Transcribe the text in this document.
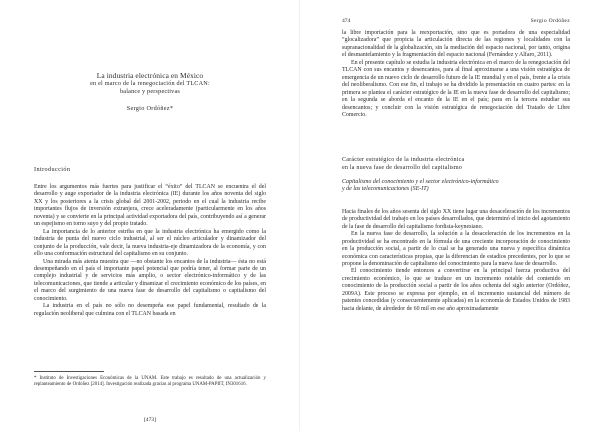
La industria electrónica en México

en el marco de la renegociación del TLCAN:

balance y perspectivas

Sergio Ordóñez*

Introducción

Entre los argumentos más fuertes para justificar el “éxito” del TLCAN se encuentra el del desarrollo y auge exportador de la industria electrónica (IE) durante los años noventa del siglo XX y los posteriores a la crisis global del 2001-2002, periodo en el cual la industria recibe importantes flujos de inversión extranjera, crece aceleradamente (particularmente en los años noventa) y se convierte en la principal actividad exportadora del país, contribuyendo así a generar un espejismo en torno suyo y del propio tratado.

La importancia de lo anterior estriba en que la industria electrónica ha emergido como la industria de punta del nuevo ciclo industrial, al ser el núcleo articulador y dinamizador del conjunto de la producción, vale decir, la nueva industria-eje dinamizadora de la economía, y con ello una conformación estructural del capitalismo en su conjunto.

Una mirada más atenta muestra que —no obstante los encantos de la industria— ésta no está desempeñando en el país el importante papel potencial que podría tener, al formar parte de un complejo industrial y de servicios más amplio, o sector electrónico-informático y de las telecomunicaciones, que tiende a articular y dinamizar el crecimiento económico de los países, en el marco del surgimiento de una nueva fase de desarrollo del capitalismo o capitalismo del conocimiento.

La industria en el país no sólo no desempeña ese papel fundamental, resultado de la regulación neoliberal que culmina con el TLCAN basada en

* Instituto de Investigaciones Económicas de la UNAM. Este trabajo es resultado de una actualización y replanteamiento de Ordóñez [2014]. Investigación realizada gracias al programa UNAM-PAPIIT, IN301616.

[473]

474	Sergio Ordóñez

la libre importación para la reexportación, sino que es portadora de una especialidad “glocalizadora” que propicia la articulación directa de las regiones y localidades con la supranacionalidad de la globalización, sin la mediación del espacio nacional, por tanto, origina el desmantelamiento y la fragmentación del espacio nacional (Fernández y Alfaro, 2011).

En el presente capítulo se estudia la industria electrónica en el marco de la renegociación del TLCAN con sus encantos y desencantos, para al final aproximarse a una visión estratégica de emergencia de un nuevo ciclo de desarrollo futuro de la IE mundial y en el país, frente a la crisis del neoliberalismo. Con ese fin, el trabajo se ha dividido la presentación en cuatro partes: en la primera se plantea el carácter estratégico de la IE en la nueva fase de desarrollo del capitalismo; en la segunda se aborda el encanto de la IE en el país; para en la tercera estudiar sus desencantos; y concluir con la visión estratégica de renegociación del Tratado de Libre Comercio.

Carácter estratégico de la industria electrónica

en la nueva fase de desarrollo del capitalismo

Capitalismo del conocimiento y el sector electrónico-informático

y de las telecomunicaciones (SE-IT)

Hacia finales de los años sesenta del siglo XX tiene lugar una desaceleración de los incrementos de productividad del trabajo en los países desarrollados, que determinó el inicio del agotamiento de la fase de desarrollo del capitalismo fordista-keynesiano.

En la nueva fase de desarrollo, la solución a la desaceleración de los incrementos en la productividad se ha encontrado en la fórmula de una creciente incorporación de conocimiento en la producción social, a partir de lo cual se ha generado una nueva y específica dinámica económica con características propias, que la diferencian de estadios precedentes, por lo que se propone la denominación de capitalismo del conocimiento para la nueva fase de desarrollo.

El conocimiento tiende entonces a convertirse en la principal fuerza productiva del crecimiento económico, lo que se traduce en un incremento notable del contenido en conocimiento de la producción social a partir de los años ochenta del siglo anterior (Ordóñez, 2009A). Este proceso se expresa por ejemplo, en el incremento sustancial del número de patentes concedidas (y consecuentemente aplicadas) en la economía de Estados Unidos de 1983 hacia delante, de alrededor de 60 mil en ese año aproximadamente
